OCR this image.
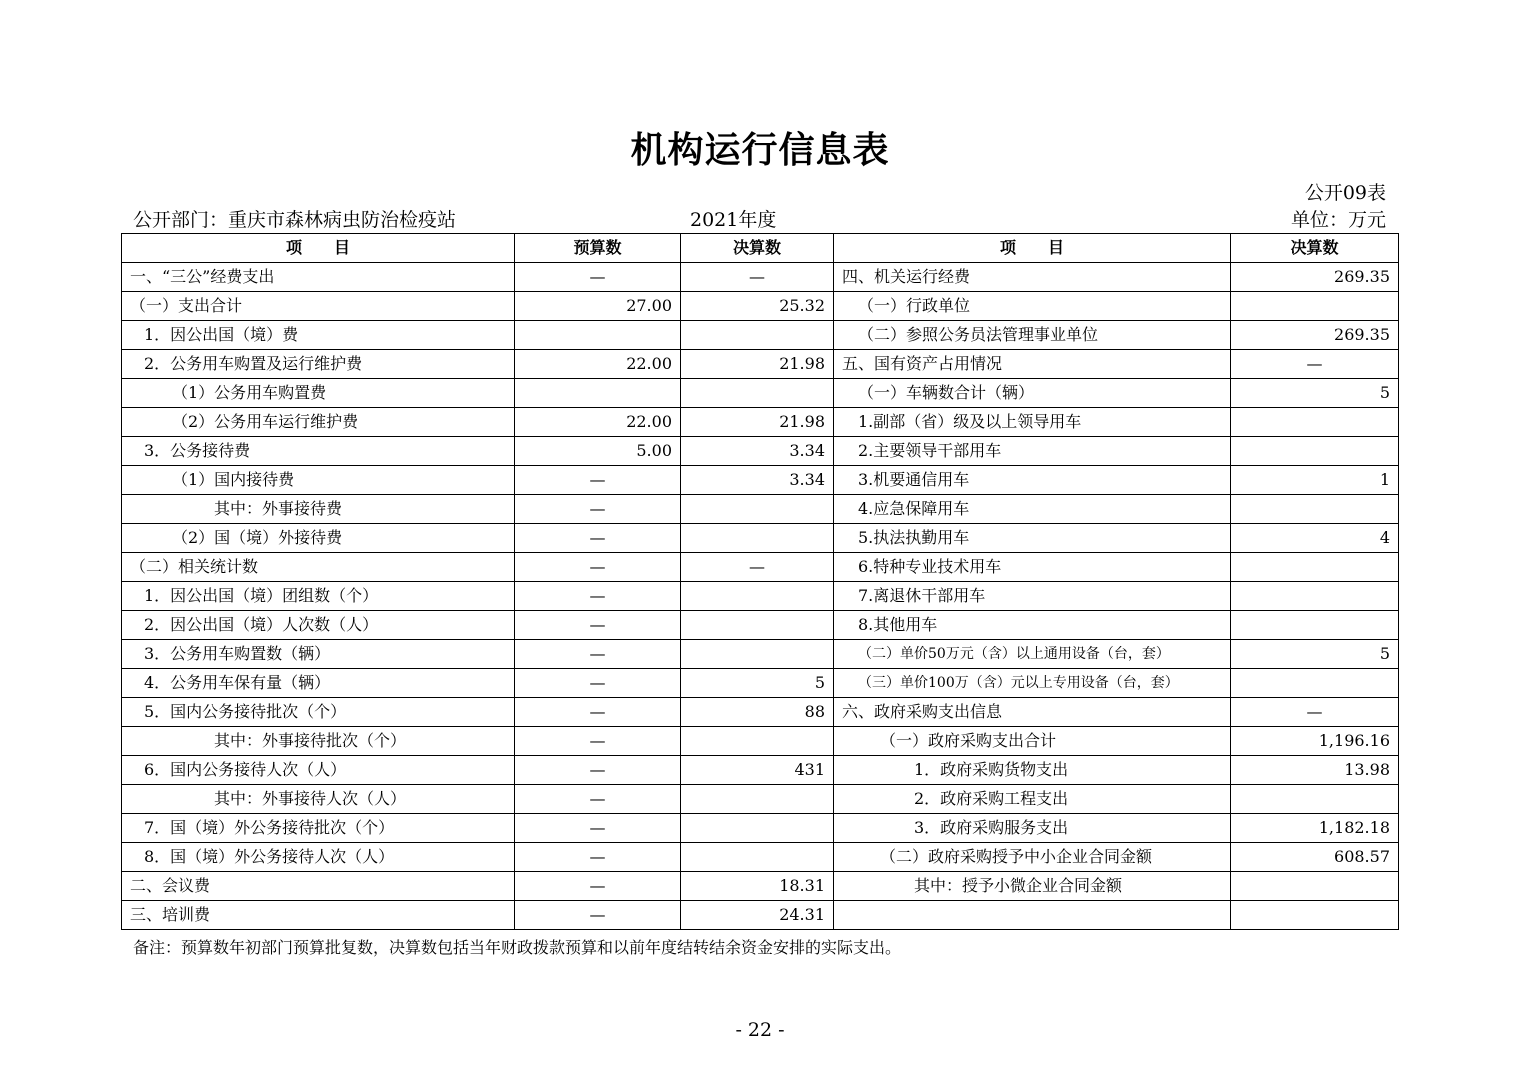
机构运行信息表
公开09表
公开部门：重庆市森林病虫防治检疫站	2021年度	单位：万元
项　　目	预算数	决算数	项　　目	决算数
一、“三公”经费支出	—	—	四、机关运行经费	269.35
（一）支出合计	27.00	25.32	（一）行政单位	
1．因公出国（境）费			（二）参照公务员法管理事业单位	269.35
2．公务用车购置及运行维护费	22.00	21.98	五、国有资产占用情况	—
（1）公务用车购置费			（一）车辆数合计（辆）	5
（2）公务用车运行维护费	22.00	21.98	1.副部（省）级及以上领导用车	
3．公务接待费	5.00	3.34	2.主要领导干部用车	
（1）国内接待费	—	3.34	3.机要通信用车	1
其中：外事接待费	—		4.应急保障用车	
（2）国（境）外接待费	—		5.执法执勤用车	4
（二）相关统计数	—	—	6.特种专业技术用车	
1．因公出国（境）团组数（个）	—		7.离退休干部用车	
2．因公出国（境）人次数（人）	—		8.其他用车	
3．公务用车购置数（辆）	—		（二）单价50万元（含）以上通用设备（台，套）	5
4．公务用车保有量（辆）	—	5	（三）单价100万（含）元以上专用设备（台，套）	
5．国内公务接待批次（个）	—	88	六、政府采购支出信息	—
其中：外事接待批次（个）	—		（一）政府采购支出合计	1,196.16
6．国内公务接待人次（人）	—	431	1．政府采购货物支出	13.98
其中：外事接待人次（人）	—		2．政府采购工程支出	
7．国（境）外公务接待批次（个）	—		3．政府采购服务支出	1,182.18
8．国（境）外公务接待人次（人）	—		（二）政府采购授予中小企业合同金额	608.57
二、会议费	—	18.31	其中：授予小微企业合同金额	
三、培训费	—	24.31		
备注：预算数年初部门预算批复数，决算数包括当年财政拨款预算和以前年度结转结余资金安排的实际支出。
- 22 -
